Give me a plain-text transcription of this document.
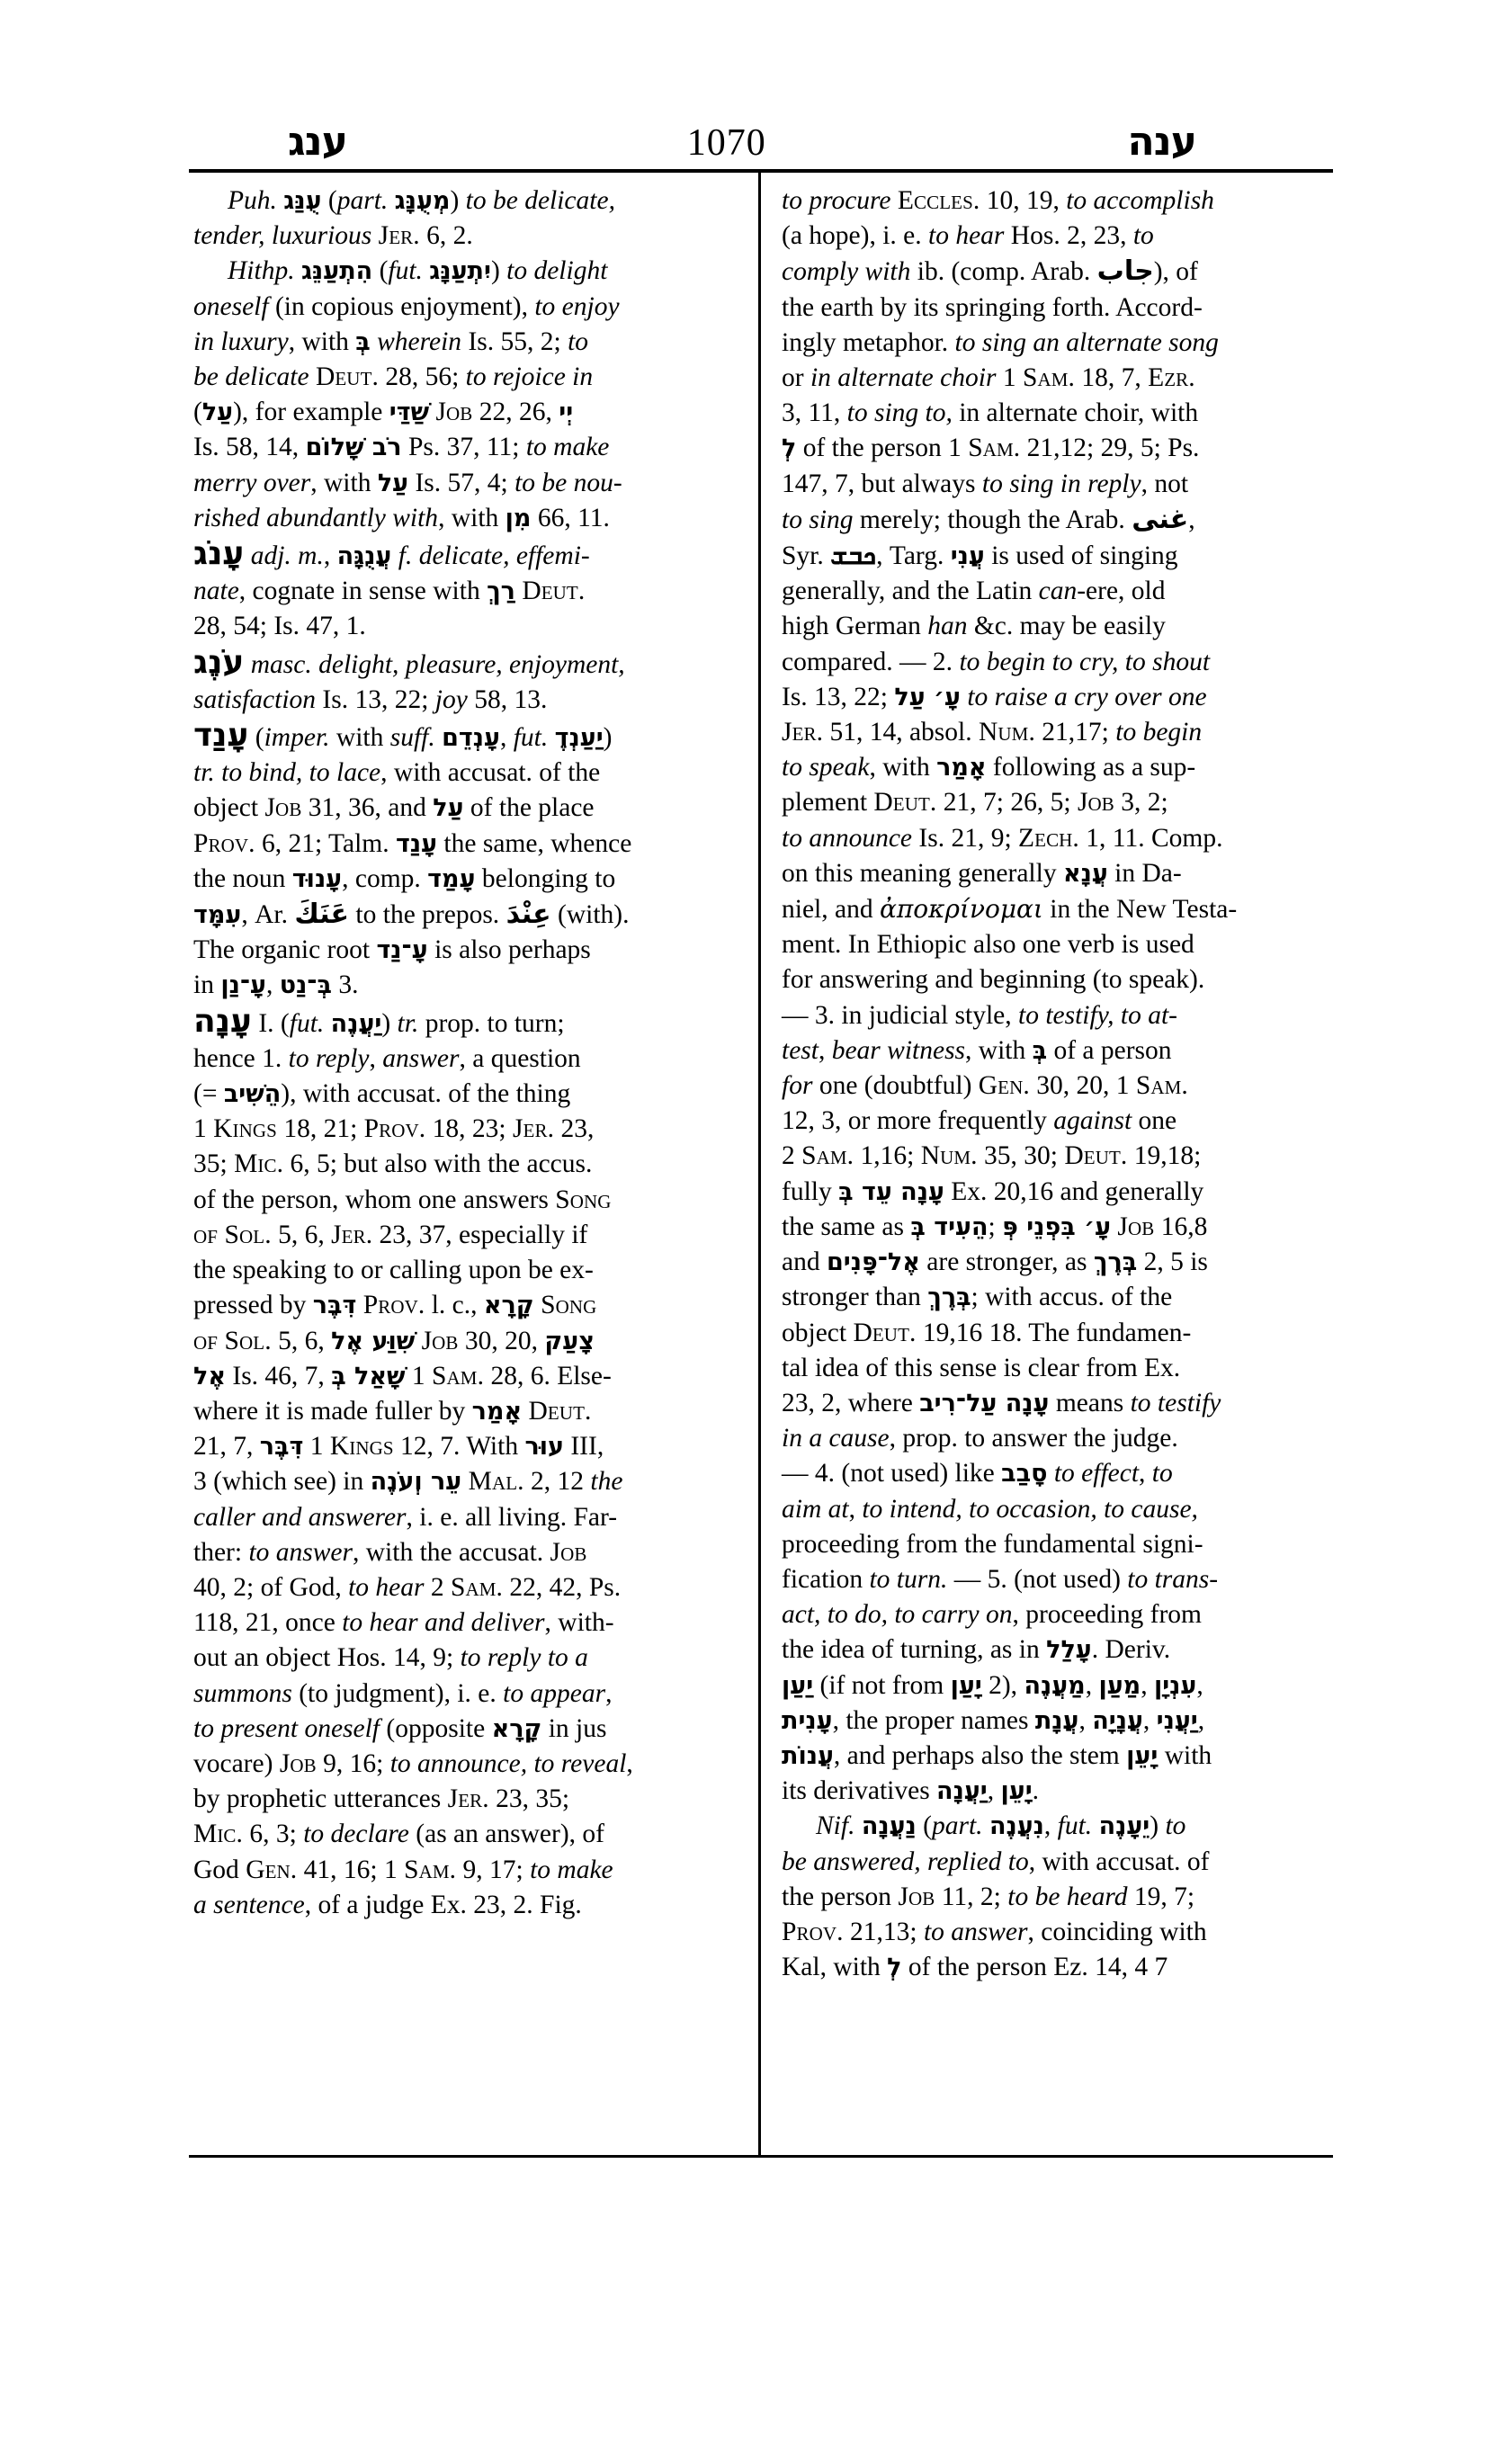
ענג	1070	ענה

Puh. עֻנַּג (part. מְעֻנָּג) to be delicate,
tender, luxurious Jer. 6, 2.

Hithp. הִתְעַנֵּג (fut. יִתְעַנָּג) to delight
oneself (in copious enjoyment), to enjoy
in luxury, with בְּ wherein Is. 55, 2; to
be delicate Deut. 28, 56; to rejoice in
(עַל), for example שַׁדַּי Job 22, 26, יְי
Is. 58, 14, רֹב שָׁלוֹם Ps. 37, 11; to make
merry over, with עַל Is. 57, 4; to be nou-
rished abundantly with, with מִן 66, 11.

עָנֹג adj. m., עֲנֻגָּה f. delicate, effemi-
nate, cognate in sense with רַךְ Deut.
28, 54; Is. 47, 1.

עֹנֶג masc. delight, pleasure, enjoyment,
satisfaction Is. 13, 22; joy 58, 13.

עָנַד (imper. with suff. עָנְדֵם, fut. יַעַנְדֶ)
tr. to bind, to lace, with accusat. of the
object Job 31, 36, and עַל of the place
Prov. 6, 21; Talm. עָנַד the same, whence
the noun עָנוּד, comp. עָמַד belonging to
עִמָּד, Ar. عَنَكَ to the prepos. عِنْدَ (with).
The organic root עָ־נַד is also perhaps
in עָ־נַן, בְּ־נַט 3.

עָנָה I. (fut. יַעֲנֶה) tr. prop. to turn;
hence 1. to reply, answer, a question
(= הֵשִׁיב), with accusat. of the thing
1 Kings 18, 21; Prov. 18, 23; Jer. 23,
35; Mic. 6, 5; but also with the accus.
of the person, whom one answers Song
of Sol. 5, 6, Jer. 23, 37, especially if
the speaking to or calling upon be ex-
pressed by דִּבֶּר Prov. l. c., קָרָא Song
of Sol. 5, 6, שִׁוַּע אֶל Job 30, 20, צָעַק
אֶל Is. 46, 7, שָׁאַל בְּ 1 Sam. 28, 6. Else-
where it is made fuller by אָמַר Deut.
21, 7, דִּבֶּר 1 Kings 12, 7. With עוּר III,
3 (which see) in עֵר וְעֹנֶה Mal. 2, 12 the
caller and answerer, i. e. all living. Far-
ther: to answer, with the accusat. Job
40, 2; of God, to hear 2 Sam. 22, 42, Ps.
118, 21, once to hear and deliver, with-
out an object Hos. 14, 9; to reply to a
summons (to judgment), i. e. to appear,
to present oneself (opposite קָרָא in jus
vocare) Job 9, 16; to announce, to reveal,
by prophetic utterances Jer. 23, 35;
Mic. 6, 3; to declare (as an answer), of
God Gen. 41, 16; 1 Sam. 9, 17; to make
a sentence, of a judge Ex. 23, 2. Fig.

to procure Eccles. 10, 19, to accomplish
(a hope), i. e. to hear Hos. 2, 23, to
comply with ib. (comp. Arab. جاب), of
the earth by its springing forth. Accord-
ingly metaphor. to sing an alternate song
or in alternate choir 1 Sam. 18, 7, Ezr.
3, 11, to sing to, in alternate choir, with
לְ of the person 1 Sam. 21,12; 29, 5; Ps.
147, 7, but always to sing in reply, not
to sing merely; though the Arab. غنى,
Syr. ܟܒܫ, Targ. עֲנִי is used of singing
generally, and the Latin can-ere, old
high German han &c. may be easily
compared. — 2. to begin to cry, to shout
Is. 13, 22; עָ׳ עַל to raise a cry over one
Jer. 51, 14, absol. Num. 21,17; to begin
to speak, with אָמַר following as a sup-
plement Deut. 21, 7; 26, 5; Job 3, 2;
to announce Is. 21, 9; Zech. 1, 11. Comp.
on this meaning generally עֲנָא in Da-
niel, and ἀποκρίνομαι in the New Testa-
ment. In Ethiopic also one verb is used
for answering and beginning (to speak).
— 3. in judicial style, to testify, to at-
test, bear witness, with בְּ of a person
for one (doubtful) Gen. 30, 20, 1 Sam.
12, 3, or more frequently against one
2 Sam. 1,16; Num. 35, 30; Deut. 19,18;
fully עָנָה עֵד בְּ Ex. 20,16 and generally
the same as הֵעִיד בְּ; עָ׳ בִּפְנֵי פְּ Job 16,8
and אֶל־פָּנִים are stronger, as בְּרֶךְ 2, 5 is
stronger than בְּרֶךְ; with accus. of the
object Deut. 19,16 18. The fundamen-
tal idea of this sense is clear from Ex.
23, 2, where עָנָה עַל־רִיב means to testify
in a cause, prop. to answer the judge.
— 4. (not used) like סָבַב to effect, to
aim at, to intend, to occasion, to cause,
proceeding from the fundamental signi-
fication to turn. — 5. (not used) to trans-
act, to do, to carry on, proceeding from
the idea of turning, as in עָלַל. Deriv.
יַעַן (if not from יָעַן 2), מַעֲנֶה, מַעַן, עִנְיָן,
עָנִית, the proper names עֲנָת, עֲנָיָה, יַעֲנִי,
עֲנוֹת, and perhaps also the stem יָעֵן with
its derivatives יַעֲנָה, יָעֵן.

Nif. נַעֲנָה (part. נִעֲנֶה, fut. יֵעָנֶה) to
be answered, replied to, with accusat. of
the person Job 11, 2; to be heard 19, 7;
Prov. 21,13; to answer, coinciding with
Kal, with לְ of the person Ez. 14, 4 7
